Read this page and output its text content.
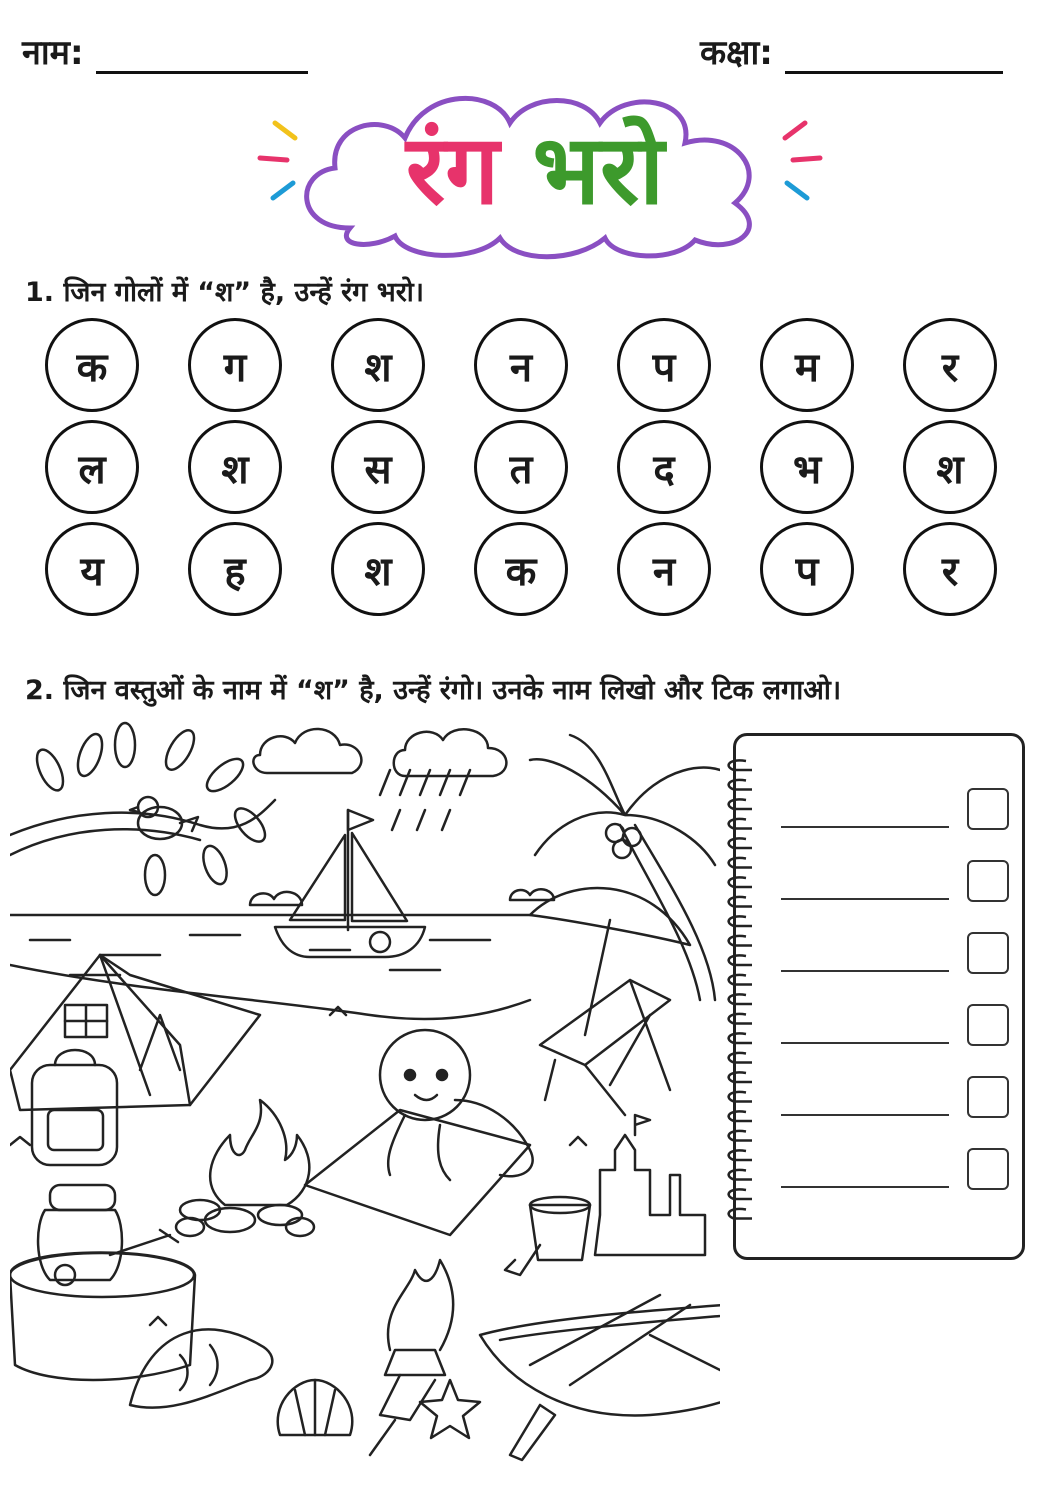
नाम:	कक्षा:
रंग भरो
1. जिन गोलों में “श” है, उन्हें रंग भरो।
क	ग	श	न	प	म	र
ल	श	स	त	द	भ	श
य	ह	श	क	न	प	र
2. जिन वस्तुओं के नाम में “श” है, उन्हें रंगो। उनके नाम लिखो और टिक लगाओ।
